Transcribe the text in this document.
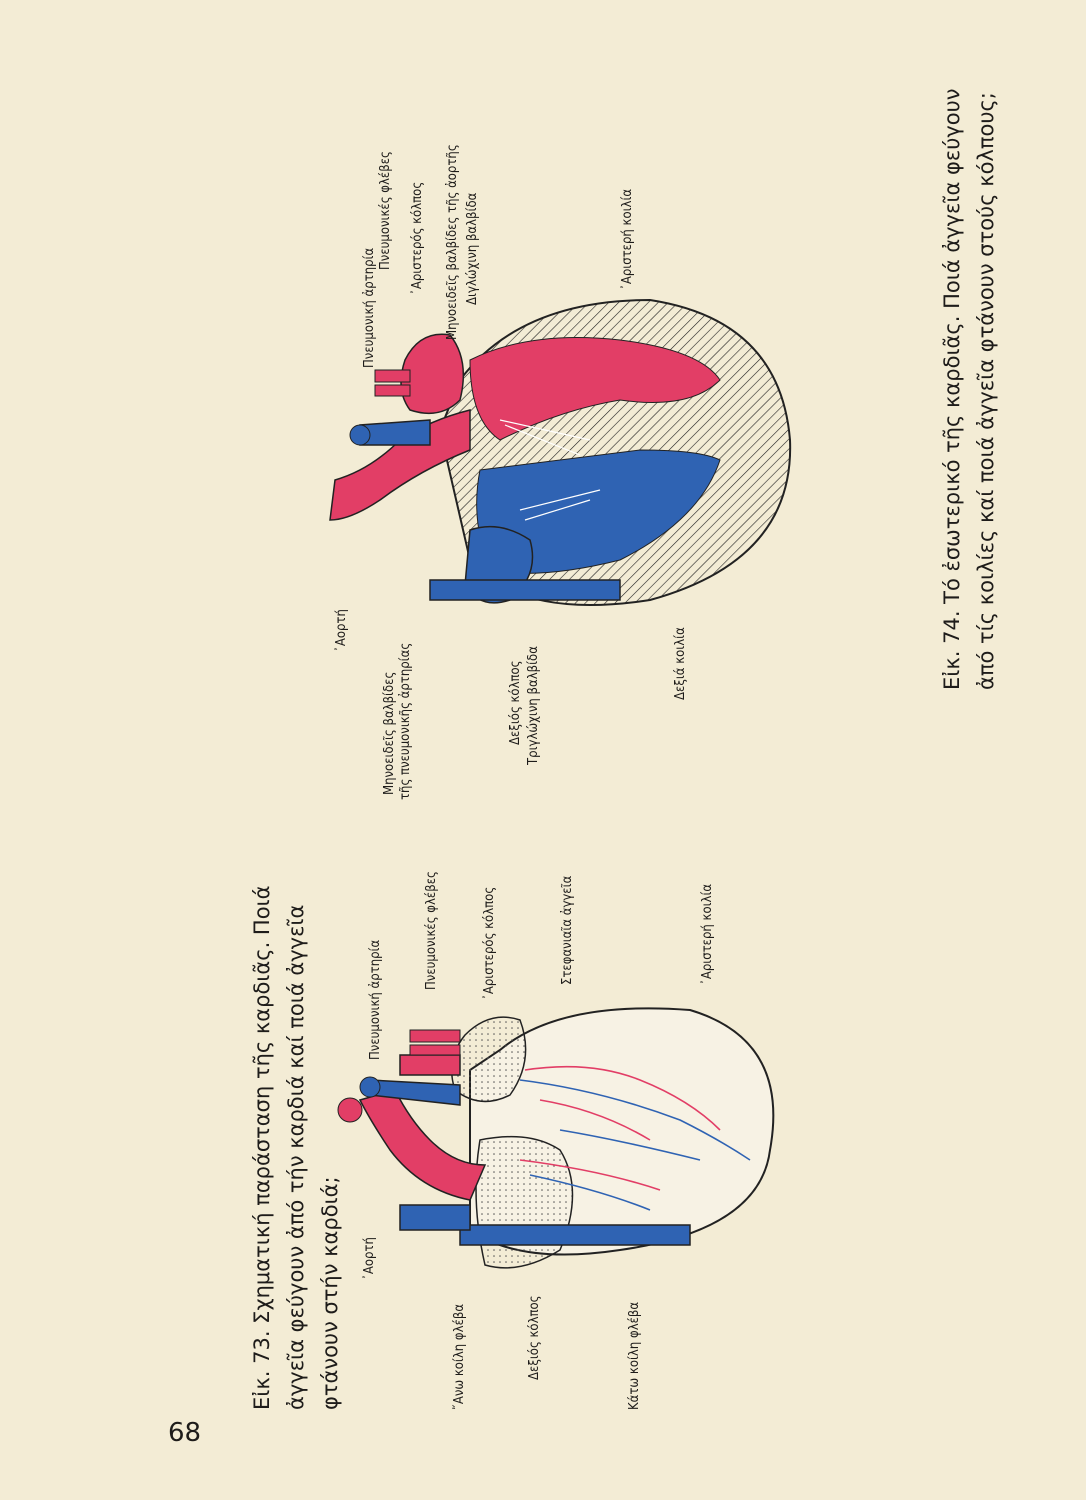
68
Εἰκ. 73. Σχηματική παράσταση τῆς καρδιᾶς. Ποιά ἀγγεῖα φεύγουν ἀπό τήν καρδιά καί ποιά ἀγγεῖα φτάνουν στήν καρδιά;	᾽Αορτή
῎Ανω κοίλη φλέβα	Δεξιός κόλπος	Κάτω κοίλη φλέβα
Πνευμονική ἀρτηρία
Πνευμονικές φλέβες	᾽Αριστερός κόλπος	Στεφανιαῖα ἀγγεῖα	᾽Αριστερή κοιλία
Εἰκ. 74. Τό ἐσωτερικό τῆς καρδιᾶς. Ποιά ἀγγεῖα φεύγουν ἀπό τίς κοιλίες καί ποιά ἀγγεῖα φτάνουν στούς κόλπους;
᾽Αορτή
Μηνοειδεῖς βαλβίδες τῆς πνευμονικῆς ἀρτηρίας	Δεξιός κόλπος Τριγλώχινη βαλβίδα	Δεξιά κοιλία
Πνευμονική ἀρτηρία
Πνευμονικές φλέβες ᾽Αριστερός κόλπος Μηνοειδεῖς βαλβίδες τῆς ἀορτῆς Διγλώχινη βαλβίδα	᾽Αριστερή κοιλία
